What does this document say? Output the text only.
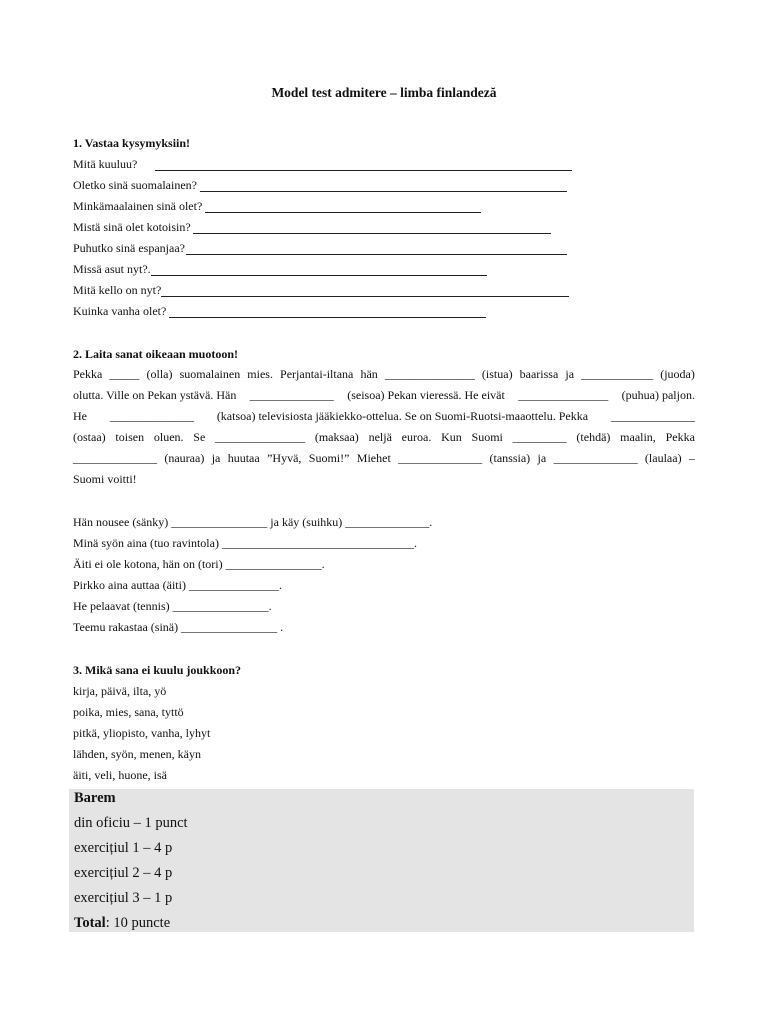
Model test admitere – limba finlandeză

1. Vastaa kysymyksiin!

Mitä kuuluu?
Oletko sinä suomalainen?
Minkämaalainen sinä olet?
Mistä sinä olet kotoisin?
Puhutko sinä espanjaa?
Missä asut nyt?.
Mitä kello on nyt?
Kuinka vanha olet?

2. Laita sanat oikeaan muotoon!

Pekka _____ (olla) suomalainen mies. Perjantai-iltana hän _______________ (istua) baarissa ja ____________ (juoda)
olutta. Ville on Pekan ystävä. Hän ______________ (seisoa) Pekan vieressä. He eivät _______________ (puhua) paljon.
He ______________ (katsoa) televisiosta jääkiekko-ottelua. Se on Suomi-Ruotsi-maaottelu. Pekka ______________
(ostaa) toisen oluen. Se _______________ (maksaa) neljä euroa. Kun Suomi _________ (tehdä) maalin, Pekka
______________ (nauraa) ja huutaa ”Hyvä, Suomi!” Miehet ______________ (tanssia) ja ______________ (laulaa) –
Suomi voitti!
Hän nousee (sänky) ________________ ja käy (suihku) ______________.
Minä syön aina (tuo ravintola) ________________________________.
Äiti ei ole kotona, hän on (tori) ________________.
Pirkko aina auttaa (äiti) _______________.
He pelaavat (tennis) ________________.
Teemu rakastaa (sinä) ________________ .

3. Mikä sana ei kuulu joukkoon?

kirja, päivä, ilta, yö
poika, mies, sana, tyttö
pitkä, yliopisto, vanha, lyhyt
lähden, syön, menen, käyn
äiti, veli, huone, isä
Barem
din oficiu – 1 punct
exercițiul 1 – 4 p
exercițiul 2 – 4 p
exercițiul 3 – 1 p
Total: 10 puncte
